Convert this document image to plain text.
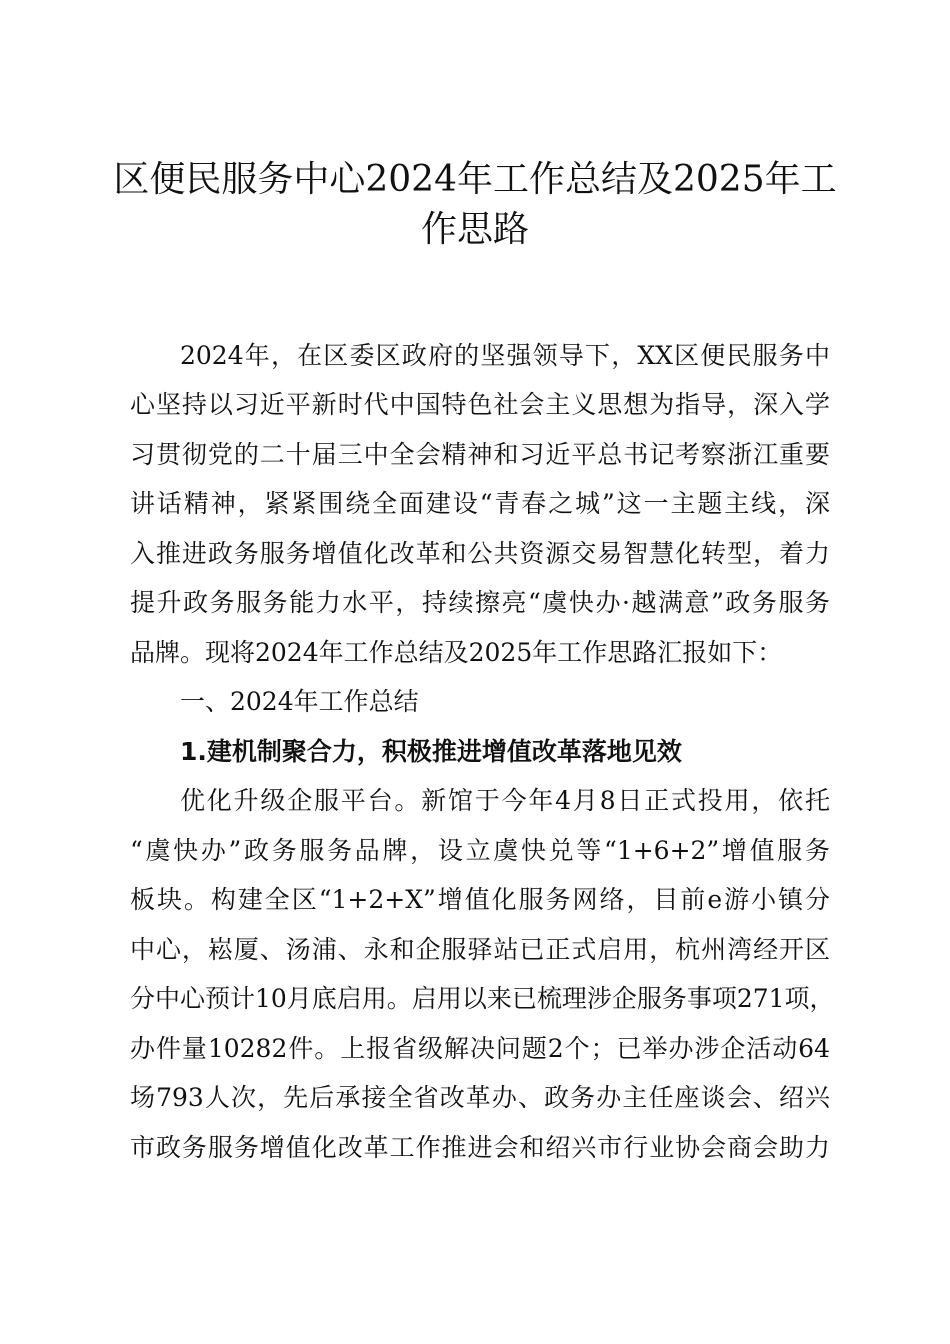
区便民服务中心2024年工作总结及2025年工
作思路

2024年，在区委区政府的坚强领导下，XX区便民服务中

心坚持以习近平新时代中国特色社会主义思想为指导，深入学

习贯彻党的二十届三中全会精神和习近平总书记考察浙江重要

讲话精神，紧紧围绕全面建设“青春之城”这一主题主线，深

入推进政务服务增值化改革和公共资源交易智慧化转型，着力

提升政务服务能力水平，持续擦亮“虞快办·越满意”政务服务

品牌。现将2024年工作总结及2025年工作思路汇报如下：

一、2024年工作总结

1.建机制聚合力，积极推进增值改革落地见效

优化升级企服平台。新馆于今年4月8日正式投用，依托

“虞快办”政务服务品牌，设立虞快兑等“1+6+2”增值服务

板块。构建全区“1+2+X”增值化服务网络，目前e游小镇分

中心，崧厦、汤浦、永和企服驿站已正式启用，杭州湾经开区

分中心预计10月底启用。启用以来已梳理涉企服务事项271项，

办件量10282件。上报省级解决问题2个；已举办涉企活动64

场793人次，先后承接全省改革办、政务办主任座谈会、绍兴

市政务服务增值化改革工作推进会和绍兴市行业协会商会助力
